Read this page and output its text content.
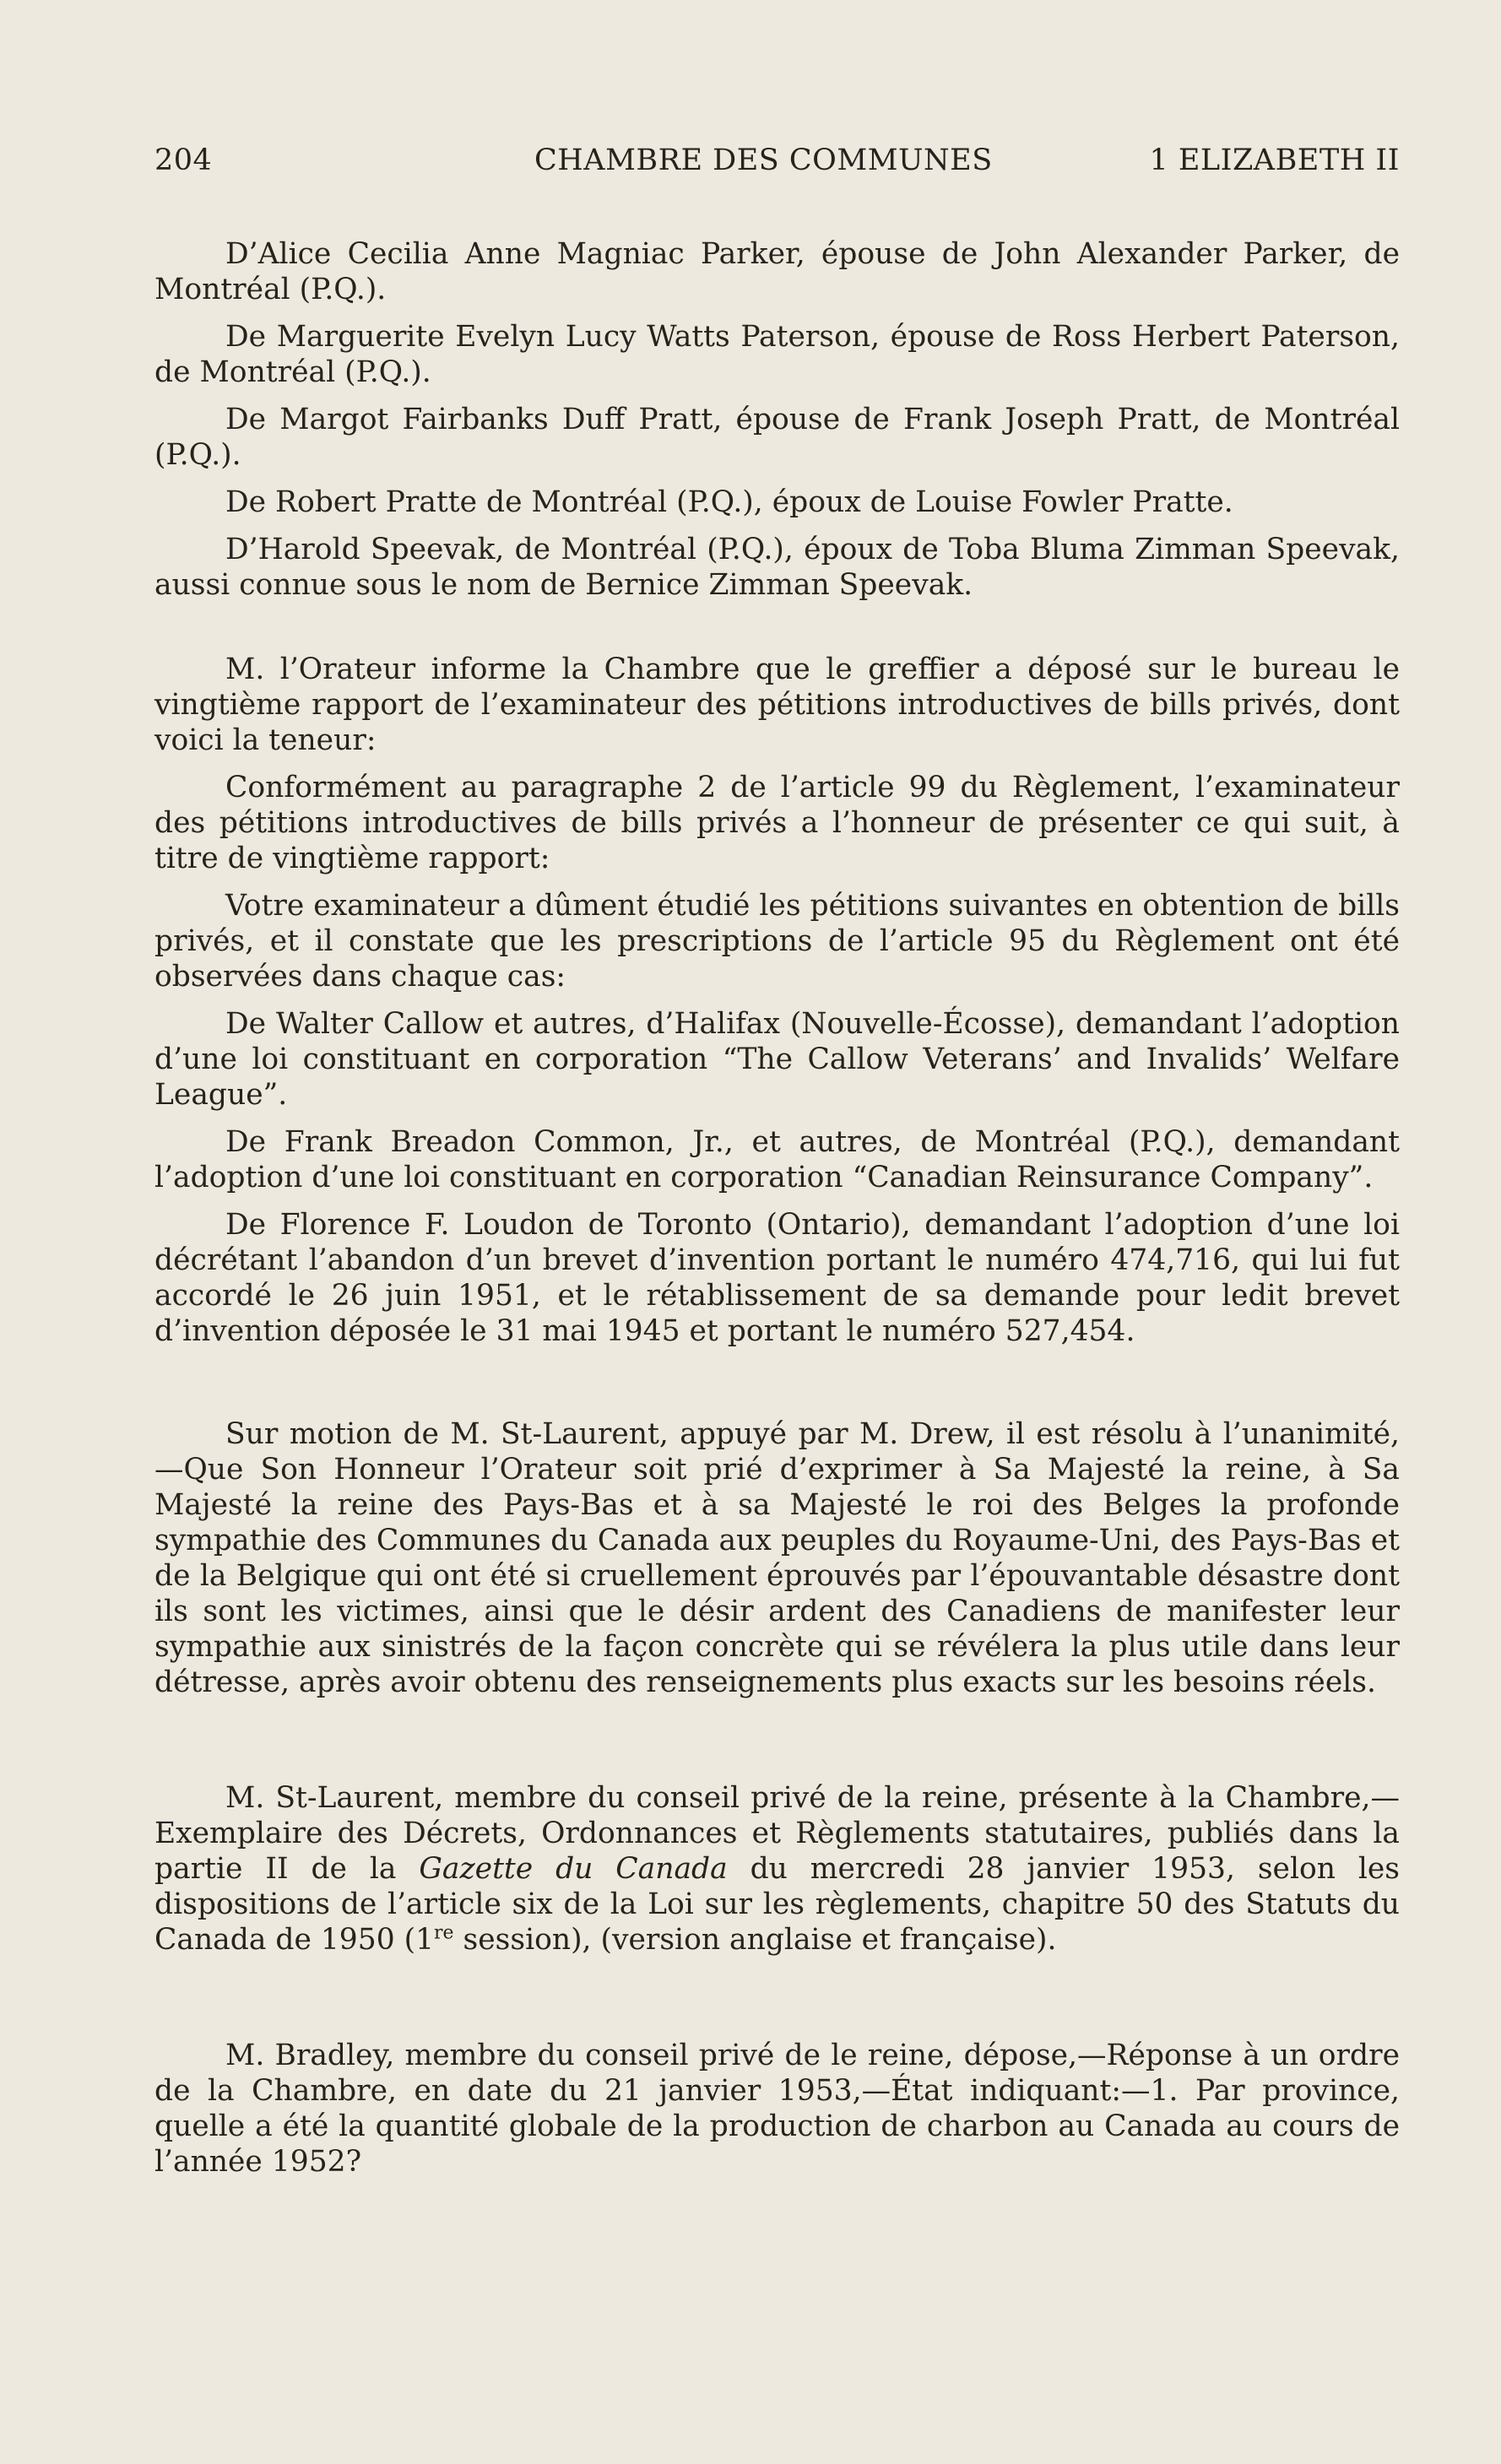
204	CHAMBRE DES COMMUNES	1 ELIZABETH II

D’Alice Cecilia Anne Magniac Parker, épouse de John Alexander Parker, de Montréal (P.Q.).

De Marguerite Evelyn Lucy Watts Paterson, épouse de Ross Herbert Paterson, de Montréal (P.Q.).

De Margot Fairbanks Duff Pratt, épouse de Frank Joseph Pratt, de Montréal (P.Q.).

De Robert Pratte de Montréal (P.Q.), époux de Louise Fowler Pratte.

D’Harold Speevak, de Montréal (P.Q.), époux de Toba Bluma Zimman Speevak, aussi connue sous le nom de Bernice Zimman Speevak.

M. l’Orateur informe la Chambre que le greffier a déposé sur le bureau le vingtième rapport de l’examinateur des pétitions introductives de bills privés, dont voici la teneur:

Conformément au paragraphe 2 de l’article 99 du Règlement, l’examinateur des pétitions introductives de bills privés a l’honneur de présenter ce qui suit, à titre de vingtième rapport:

Votre examinateur a dûment étudié les pétitions suivantes en obtention de bills privés, et il constate que les prescriptions de l’article 95 du Règlement ont été observées dans chaque cas:

De Walter Callow et autres, d’Halifax (Nouvelle-Écosse), demandant l’adoption d’une loi constituant en corporation “The Callow Veterans’ and Invalids’ Welfare League”.

De Frank Breadon Common, Jr., et autres, de Montréal (P.Q.), demandant l’adoption d’une loi constituant en corporation “Canadian Reinsurance Company”.

De Florence F. Loudon de Toronto (Ontario), demandant l’adoption d’une loi décrétant l’abandon d’un brevet d’invention portant le numéro 474,716, qui lui fut accordé le 26 juin 1951, et le rétablissement de sa demande pour ledit brevet d’invention déposée le 31 mai 1945 et portant le numéro 527,454.

Sur motion de M. St-Laurent, appuyé par M. Drew, il est résolu à l’unanimité,—Que Son Honneur l’Orateur soit prié d’exprimer à Sa Majesté la reine, à Sa Majesté la reine des Pays-Bas et à sa Majesté le roi des Belges la profonde sympathie des Communes du Canada aux peuples du Royaume-Uni, des Pays-Bas et de la Belgique qui ont été si cruellement éprouvés par l’épouvantable désastre dont ils sont les victimes, ainsi que le désir ardent des Canadiens de manifester leur sympathie aux sinistrés de la façon concrète qui se révélera la plus utile dans leur détresse, après avoir obtenu des renseignements plus exacts sur les besoins réels.

M. St-Laurent, membre du conseil privé de la reine, présente à la Chambre,—Exemplaire des Décrets, Ordonnances et Règlements statutaires, publiés dans la partie II de la Gazette du Canada du mercredi 28 janvier 1953, selon les dispositions de l’article six de la Loi sur les règlements, chapitre 50 des Statuts du Canada de 1950 (1re session), (version anglaise et française).

M. Bradley, membre du conseil privé de le reine, dépose,—Réponse à un ordre de la Chambre, en date du 21 janvier 1953,—État indiquant:—1. Par province, quelle a été la quantité globale de la production de charbon au Canada au cours de l’année 1952?
